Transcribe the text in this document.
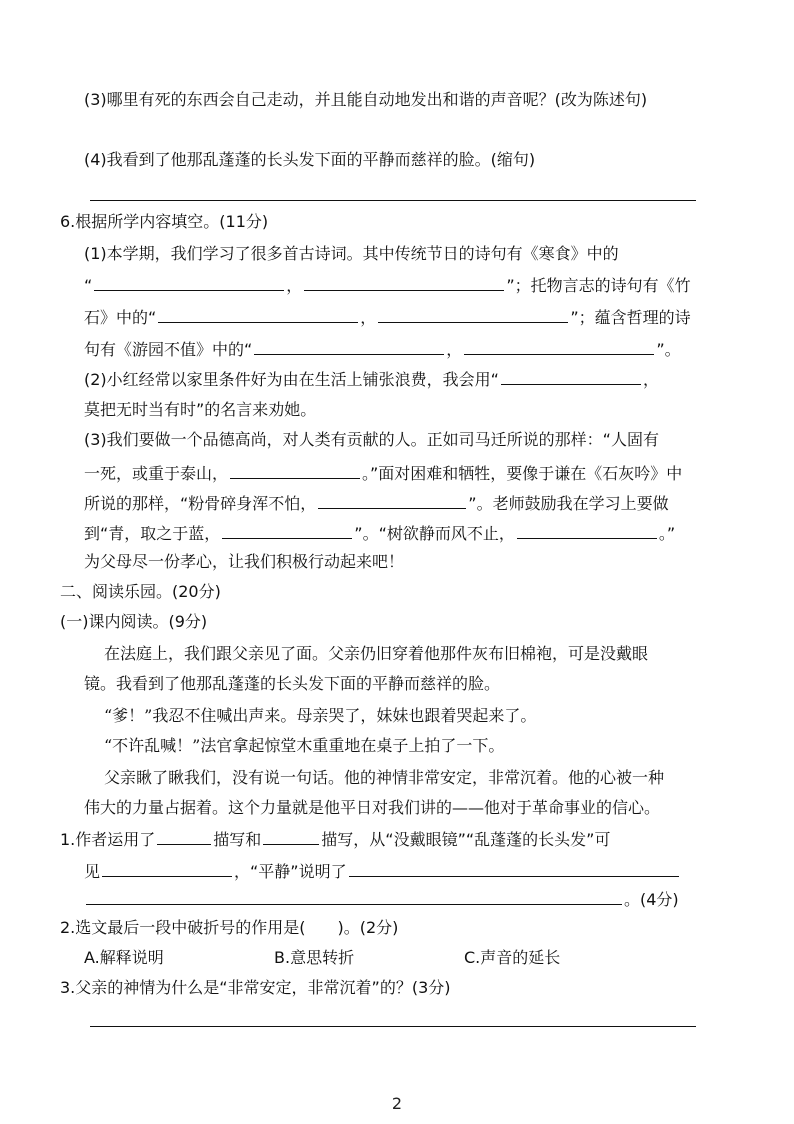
(3)哪里有死的东西会自己走动，并且能自动地发出和谐的声音呢？(改为陈述句)
(4)我看到了他那乱蓬蓬的长头发下面的平静而慈祥的脸。(缩句)
6.根据所学内容填空。(11分)
(1)本学期，我们学习了很多首古诗词。其中传统节日的诗句有《寒食》中的
“	，	”；托物言志的诗句有《竹
石》中的“	，	”；蕴含哲理的诗
句有《游园不值》中的“	，	”。
(2)小红经常以家里条件好为由在生活上铺张浪费，我会用“	，
莫把无时当有时”的名言来劝她。
(3)我们要做一个品德高尚，对人类有贡献的人。正如司马迁所说的那样：“人固有
一死，或重于泰山，	。”面对困难和牺牲，要像于谦在《石灰吟》中
所说的那样，“粉骨碎身浑不怕，	”。老师鼓励我在学习上要做
到“青，取之于蓝，	”。“树欲静而风不止，	。”
为父母尽一份孝心，让我们积极行动起来吧！
二、阅读乐园。(20分)
(一)课内阅读。(9分)
在法庭上，我们跟父亲见了面。父亲仍旧穿着他那件灰布旧棉袍，可是没戴眼
镜。我看到了他那乱蓬蓬的长头发下面的平静而慈祥的脸。
“爹！”我忍不住喊出声来。母亲哭了，妹妹也跟着哭起来了。
“不许乱喊！”法官拿起惊堂木重重地在桌子上拍了一下。
父亲瞅了瞅我们，没有说一句话。他的神情非常安定，非常沉着。他的心被一种
伟大的力量占据着。这个力量就是他平日对我们讲的——他对于革命事业的信心。
1.作者运用了	描写和	描写，从“没戴眼镜”“乱蓬蓬的长头发”可
见	，“平静”说明了
。(4分)
2.选文最后一段中破折号的作用是(　　)。(2分)
A.解释说明	B.意思转折	C.声音的延长
3.父亲的神情为什么是“非常安定，非常沉着”的？(3分)
2
